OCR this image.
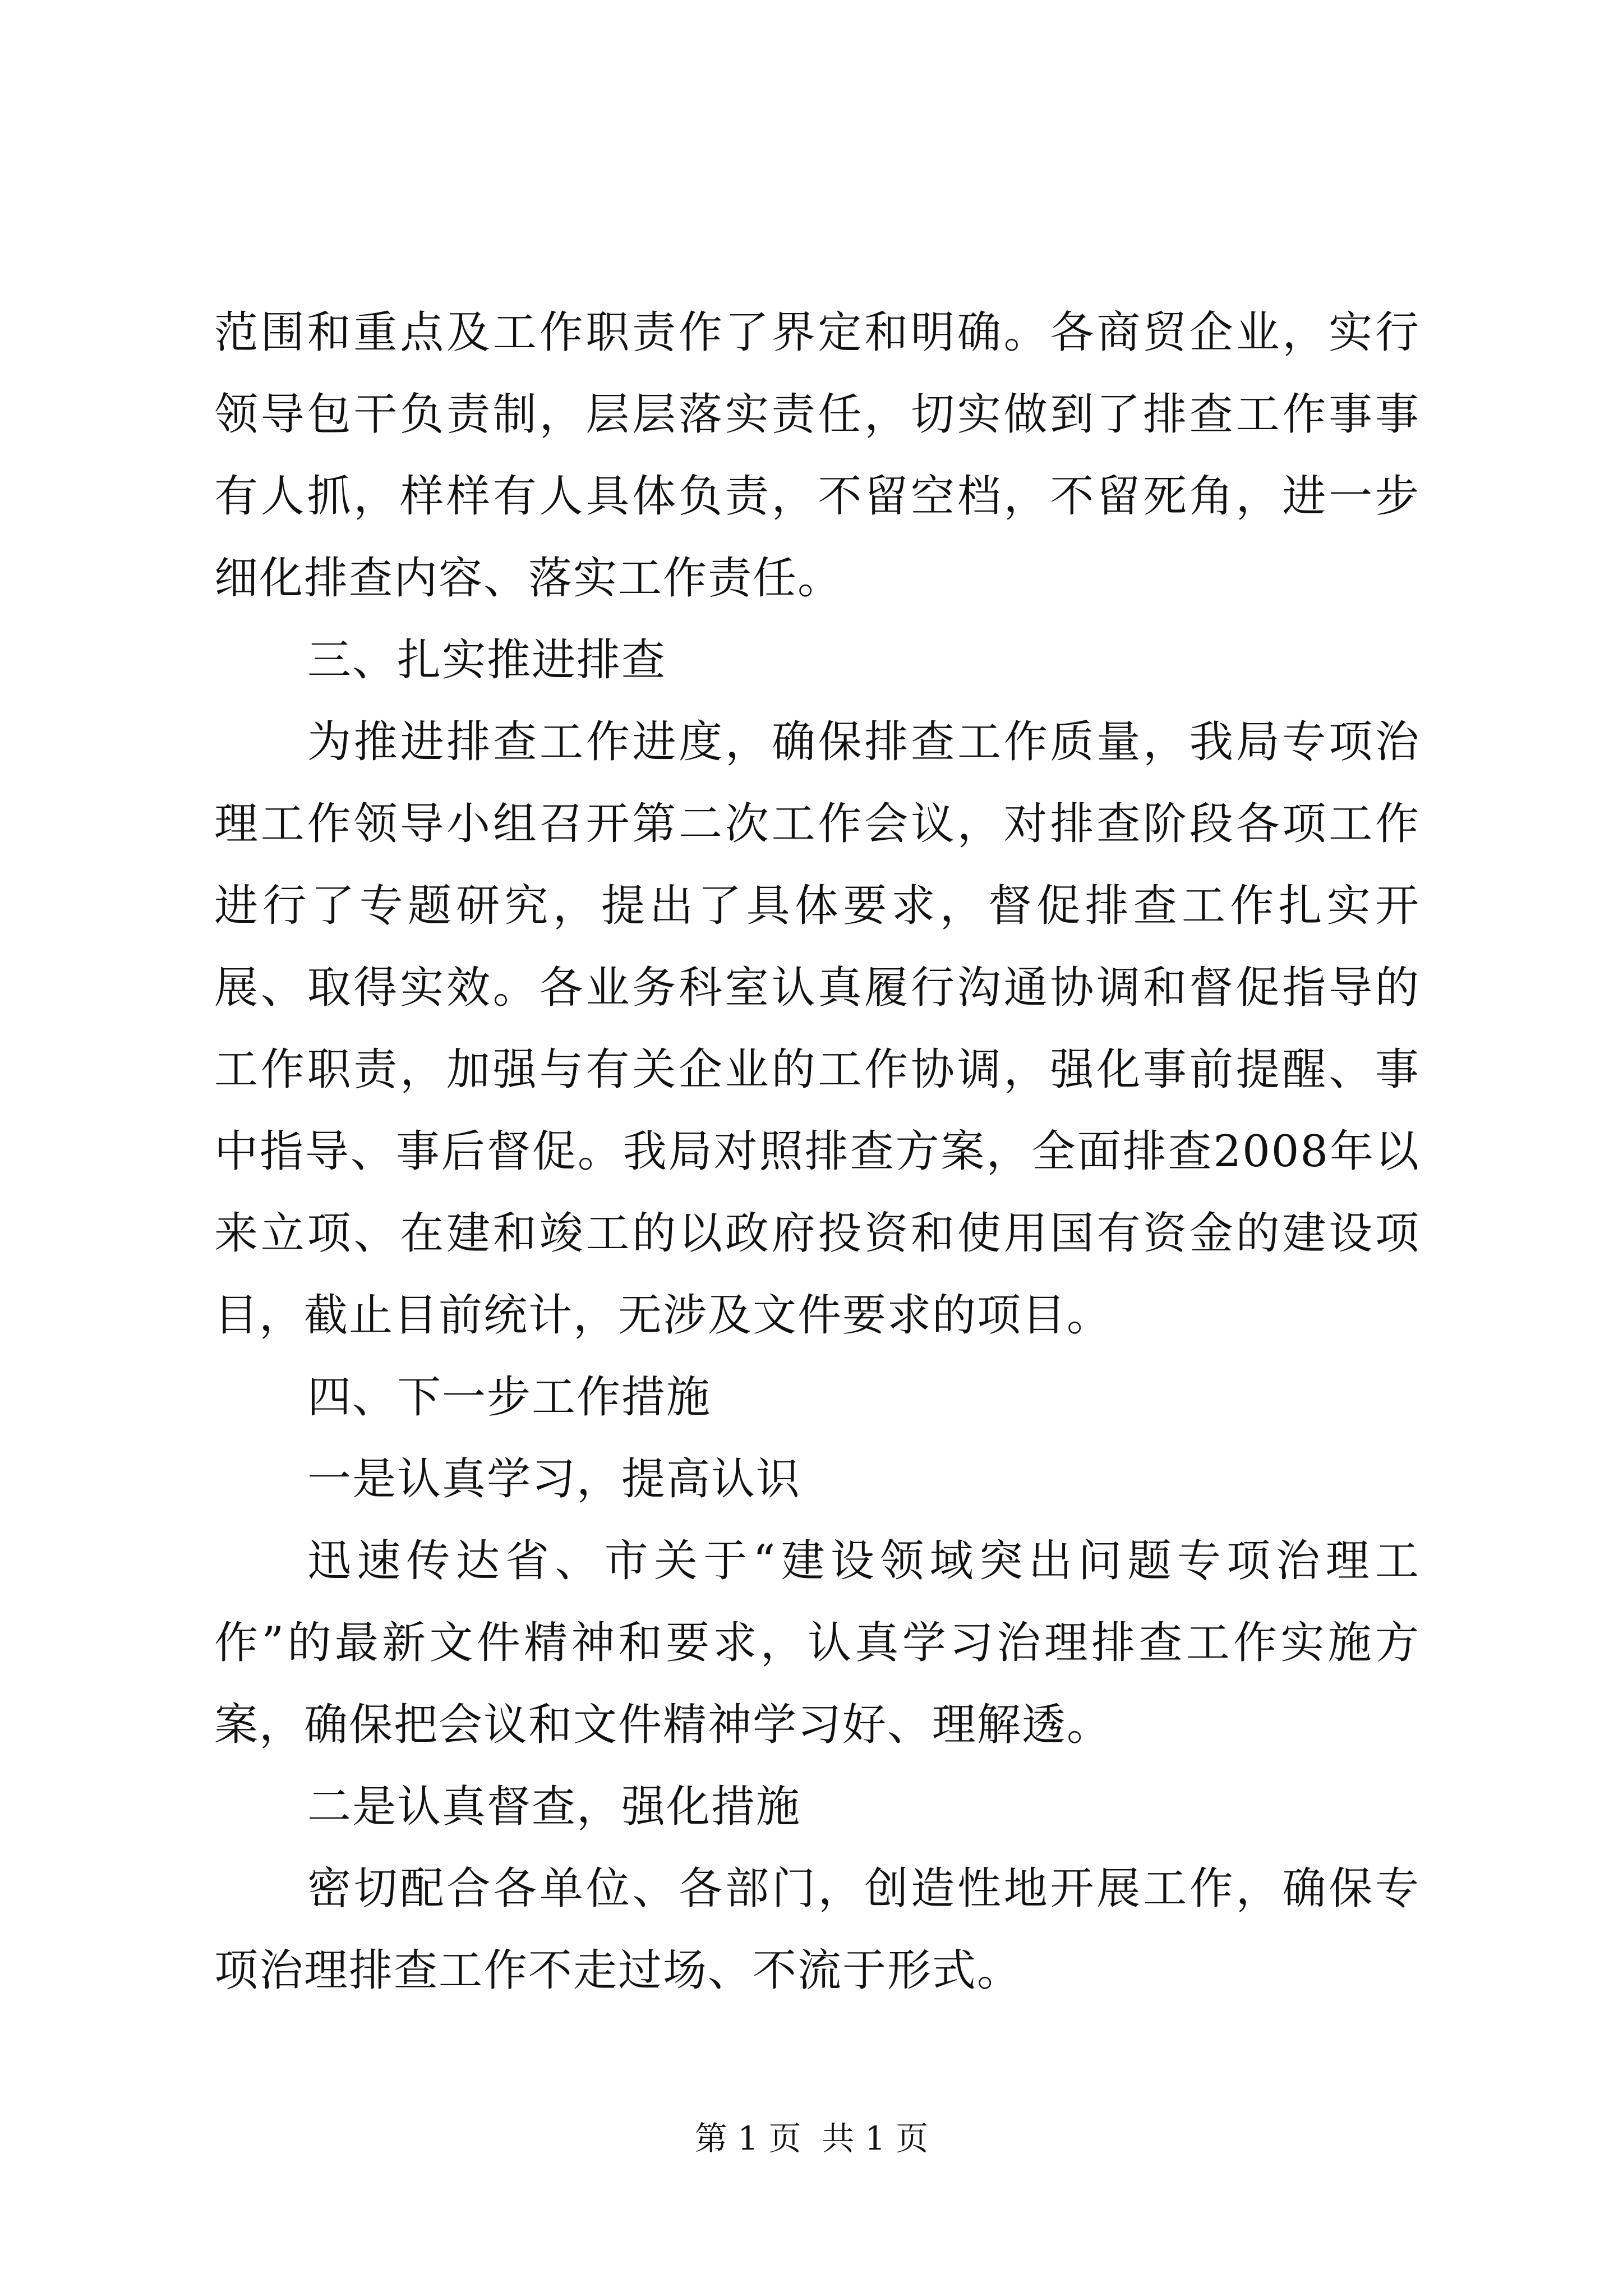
范围和重点及工作职责作了界定和明确。各商贸企业，实行领导包干负责制，层层落实责任，切实做到了排查工作事事有人抓，样样有人具体负责，不留空档，不留死角，进一步细化排查内容、落实工作责任。

三、扎实推进排查

为推进排查工作进度，确保排查工作质量，我局专项治理工作领导小组召开第二次工作会议，对排查阶段各项工作进行了专题研究，提出了具体要求，督促排查工作扎实开展、取得实效。各业务科室认真履行沟通协调和督促指导的工作职责，加强与有关企业的工作协调，强化事前提醒、事中指导、事后督促。我局对照排查方案，全面排查2008年以来立项、在建和竣工的以政府投资和使用国有资金的建设项目，截止目前统计，无涉及文件要求的项目。

四、下一步工作措施

一是认真学习，提高认识

迅速传达省、市关于“建设领域突出问题专项治理工作”的最新文件精神和要求，认真学习治理排查工作实施方案，确保把会议和文件精神学习好、理解透。

二是认真督查，强化措施

密切配合各单位、各部门，创造性地开展工作，确保专项治理排查工作不走过场、不流于形式。

第 1 页  共 1 页
